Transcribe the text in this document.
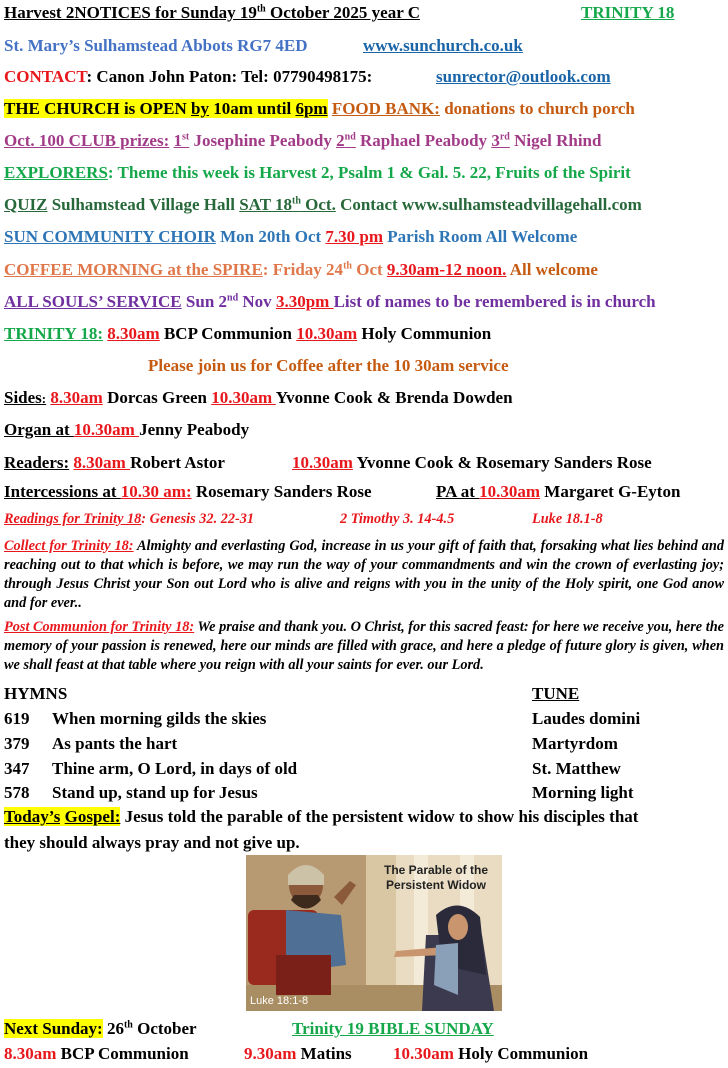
Harvest 2NOTICES for Sunday 19th October 2025 year C	TRINITY 18
St. Mary’s Sulhamstead Abbots RG7 4ED	www.sunchurch.co.uk
CONTACT: Canon John Paton: Tel: 07790498175:	sunrector@outlook.com
THE CHURCH is OPEN by 10am until 6pm FOOD BANK: donations to church porch
Oct. 100 CLUB prizes: 1st Josephine Peabody 2nd Raphael Peabody 3rd Nigel Rhind
EXPLORERS: Theme this week is Harvest 2, Psalm 1 & Gal. 5. 22, Fruits of the Spirit
QUIZ Sulhamstead Village Hall SAT 18th Oct. Contact www.sulhamsteadvillagehall.com
SUN COMMUNITY CHOIR Mon 20th Oct 7.30 pm Parish Room All Welcome
COFFEE MORNING at the SPIRE: Friday 24th Oct 9.30am-12 noon. All welcome
ALL SOULS’ SERVICE Sun 2nd Nov 3.30pm List of names to be remembered is in church
TRINITY 18: 8.30am BCP Communion 10.30am Holy Communion
Please join us for Coffee after the 10 30am service
Sides: 8.30am Dorcas Green 10.30am Yvonne Cook & Brenda Dowden
Organ at 10.30am Jenny Peabody
Readers: 8.30am Robert Astor	10.30am Yvonne Cook & Rosemary Sanders Rose
Intercessions at 10.30 am: Rosemary Sanders Rose	PA at 10.30am Margaret G-Eyton
Readings for Trinity 18: Genesis 32. 22-31	2 Timothy 3. 14-4.5	Luke 18.1-8
Collect for Trinity 18: Almighty and everlasting God, increase in us your gift of faith that, forsaking what lies behind and reaching out to that which is before, we may run the way of your commandments and win the crown of everlasting joy; through Jesus Christ your Son out Lord who is alive and reigns with you in the unity of the Holy spirit, one God anow and for ever..
Post Communion for Trinity 18: We praise and thank you. O Christ, for this sacred feast: for here we receive you, here the memory of your passion is renewed, here our minds are filled with grace, and here a pledge of future glory is given, when we shall feast at that table where you reign with all your saints for ever. our Lord.
HYMNS	TUNE
619	When morning gilds the skies	Laudes domini
379	As pants the hart	Martyrdom
347	Thine arm, O Lord, in days of old	St. Matthew
578	Stand up, stand up for Jesus	Morning light
Today’s Gospel: Jesus told the parable of the persistent widow to show his disciples that
they should always pray and not give up.
The Parable of the
Persistent Widow
Luke 18:1-8
Next Sunday: 26th October	Trinity 19 BIBLE SUNDAY
8.30am BCP Communion	9.30am Matins 10.30am Holy Communion
